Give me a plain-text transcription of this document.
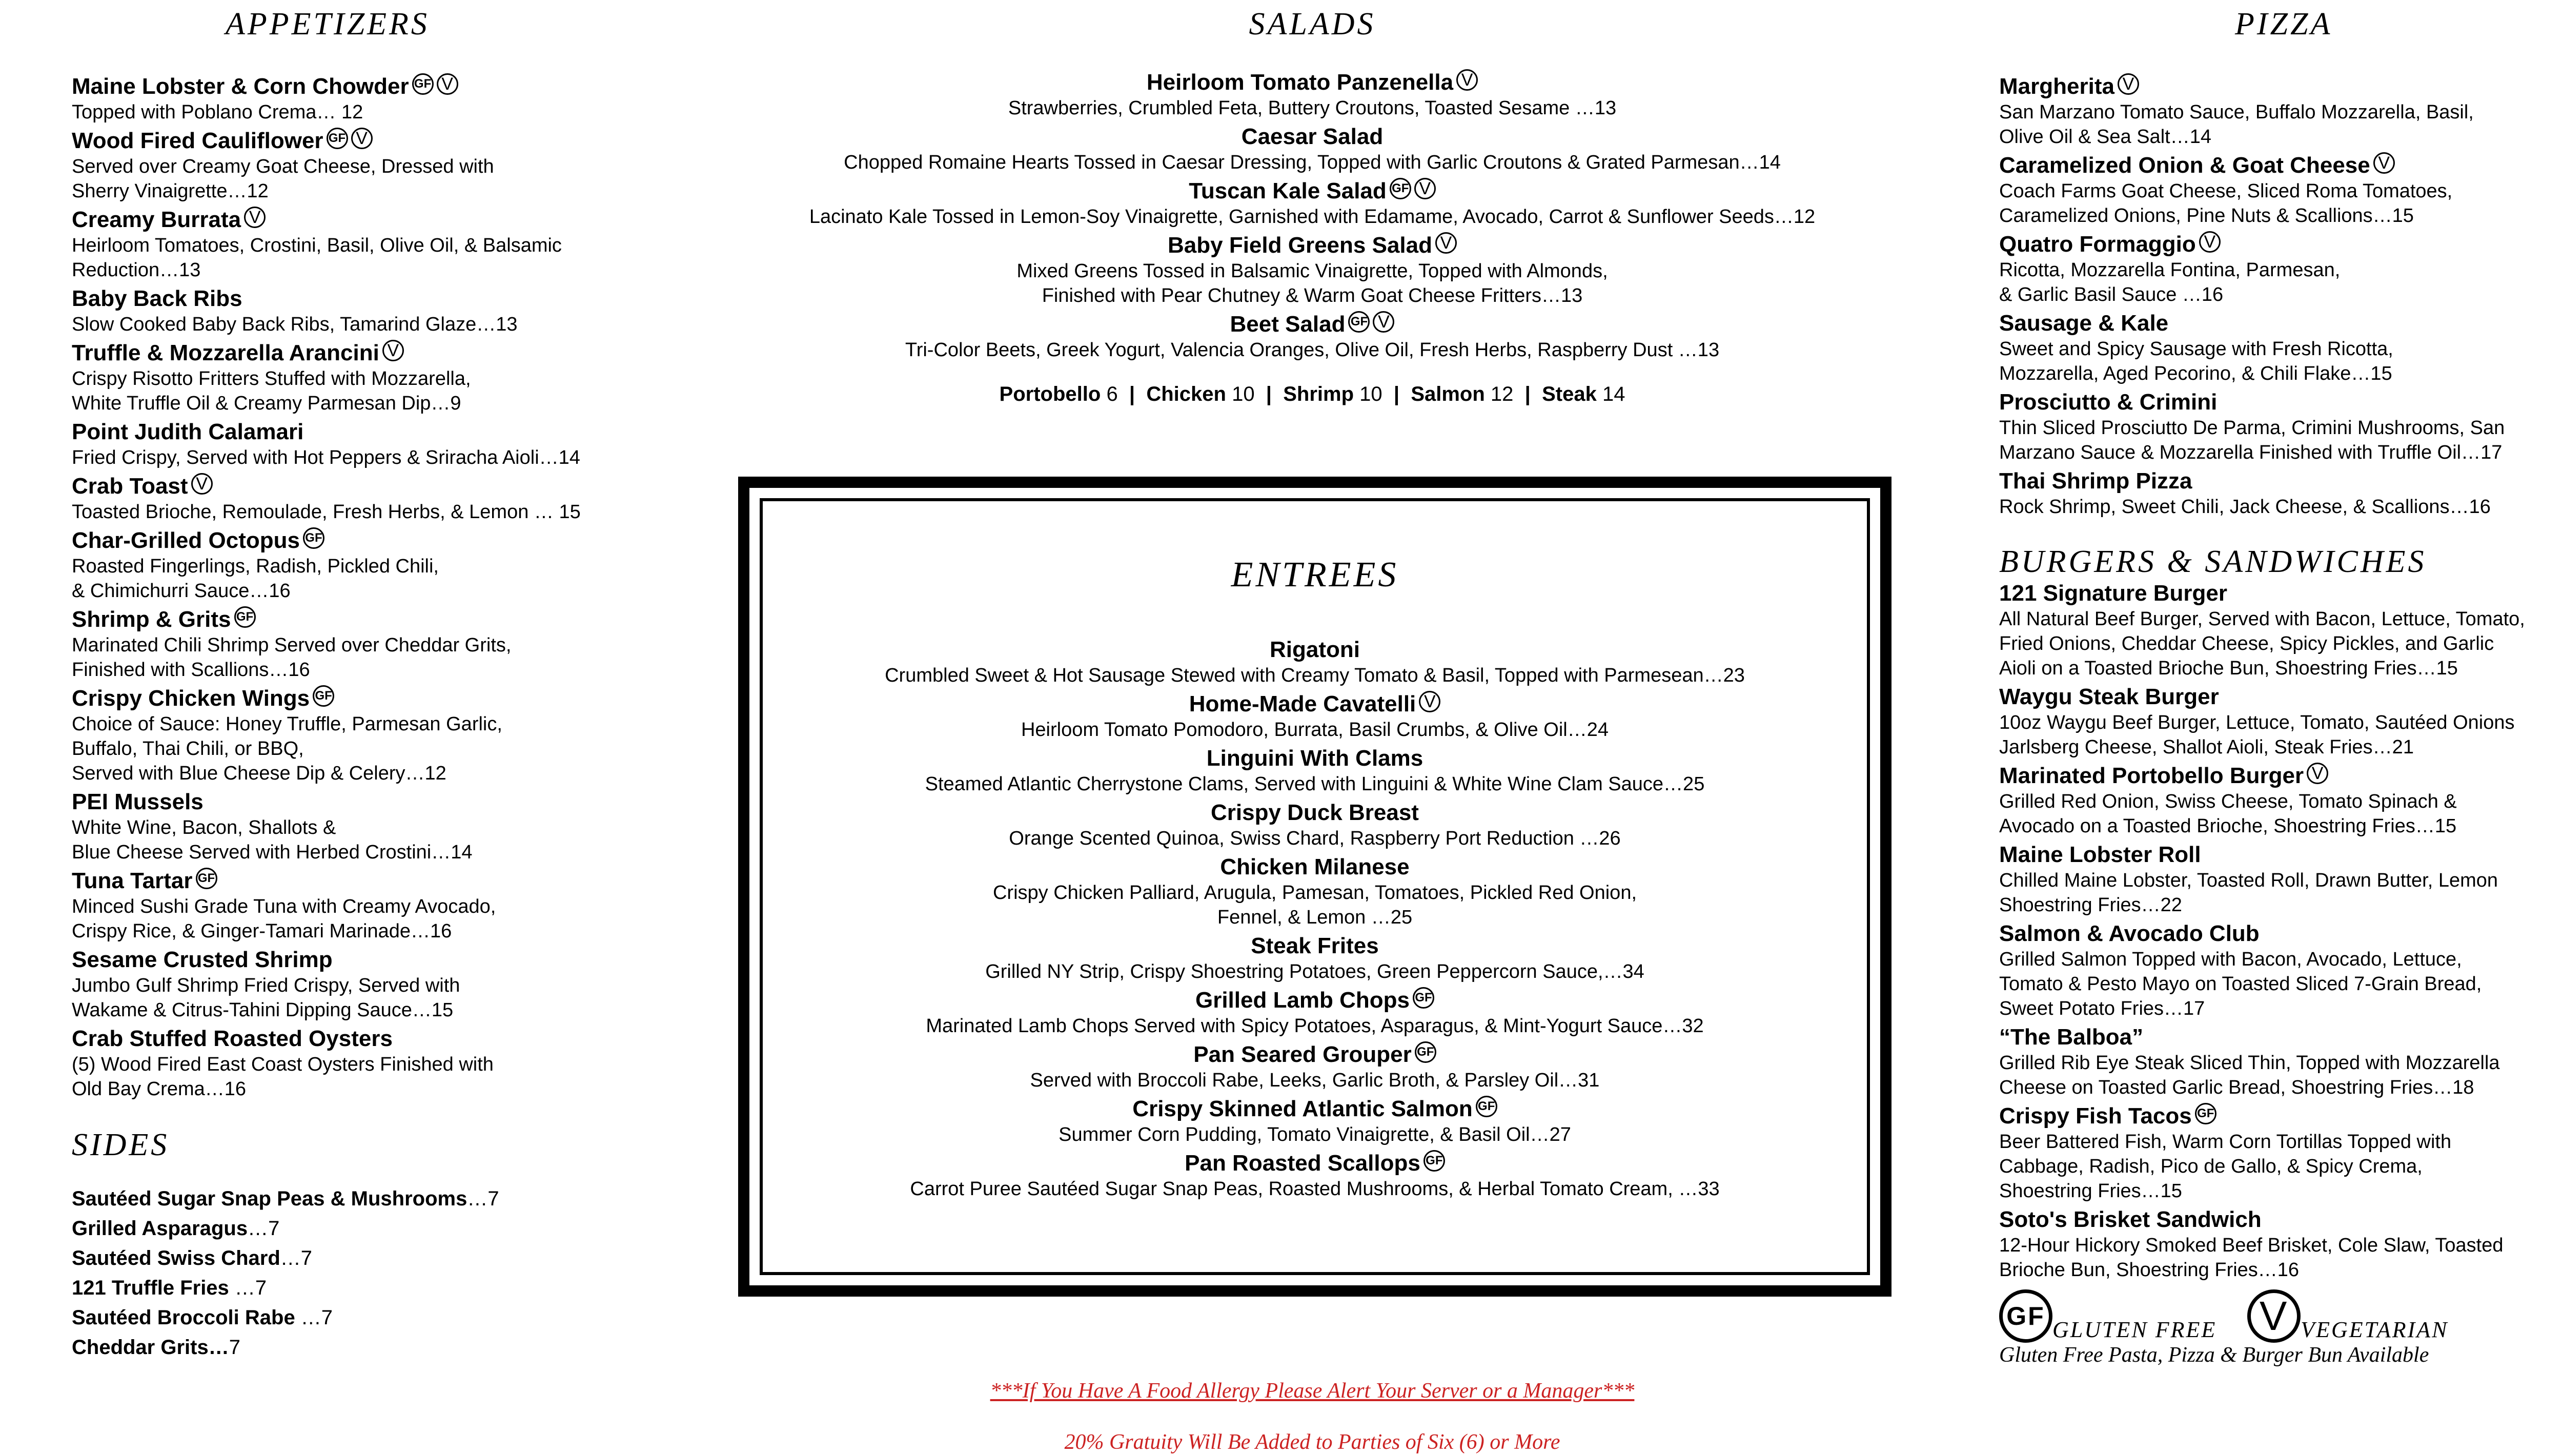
APPETIZERS

Maine Lobster & Corn Chowder GF V

Topped with Poblano Crema… 12

Wood Fired Cauliflower GF V

Served over Creamy Goat Cheese, Dressed with
Sherry Vinaigrette…12

Creamy Burrata V

Heirloom Tomatoes, Crostini, Basil, Olive Oil, & Balsamic
Reduction…13

Baby Back Ribs

Slow Cooked Baby Back Ribs, Tamarind Glaze…13

Truffle & Mozzarella Arancini V

Crispy Risotto Fritters Stuffed with Mozzarella,
White Truffle Oil & Creamy Parmesan Dip…9

Point Judith Calamari

Fried Crispy, Served with Hot Peppers & Sriracha Aioli…14

Crab Toast V

Toasted Brioche, Remoulade, Fresh Herbs, & Lemon … 15

Char-Grilled Octopus GF

Roasted Fingerlings, Radish, Pickled Chili,
& Chimichurri Sauce…16

Shrimp & Grits GF

Marinated Chili Shrimp Served over Cheddar Grits,
Finished with Scallions…16

Crispy Chicken Wings GF

Choice of Sauce: Honey Truffle, Parmesan Garlic,
Buffalo, Thai Chili, or BBQ,
Served with Blue Cheese Dip & Celery…12

PEI Mussels

White Wine, Bacon, Shallots &
Blue Cheese Served with Herbed Crostini…14

Tuna Tartar GF

Minced Sushi Grade Tuna with Creamy Avocado,
Crispy Rice, & Ginger-Tamari Marinade…16

Sesame Crusted Shrimp

Jumbo Gulf Shrimp Fried Crispy, Served with
Wakame & Citrus-Tahini Dipping Sauce…15

Crab Stuffed Roasted Oysters

(5) Wood Fired East Coast Oysters Finished with
Old Bay Crema…16

SIDES

Sautéed Sugar Snap Peas & Mushrooms…7

Grilled Asparagus…7

Sautéed Swiss Chard…7

121 Truffle Fries …7

Sautéed Broccoli Rabe …7

Cheddar Grits…7

SALADS

Heirloom Tomato Panzenella V

Strawberries, Crumbled Feta, Buttery Croutons, Toasted Sesame …13

Caesar Salad

Chopped Romaine Hearts Tossed in Caesar Dressing, Topped with Garlic Croutons & Grated Parmesan…14

Tuscan Kale Salad GF V

Lacinato Kale Tossed in Lemon-Soy Vinaigrette, Garnished with Edamame, Avocado, Carrot & Sunflower Seeds…12

Baby Field Greens Salad V

Mixed Greens Tossed in Balsamic Vinaigrette, Topped with Almonds,
Finished with Pear Chutney & Warm Goat Cheese Fritters…13

Beet Salad GF V

Tri-Color Beets, Greek Yogurt, Valencia Oranges, Olive Oil, Fresh Herbs, Raspberry Dust …13

Portobello 6  |  Chicken 10  |  Shrimp 10  |  Salmon 12  |  Steak 14
ENTREES

Rigatoni

Crumbled Sweet & Hot Sausage Stewed with Creamy Tomato & Basil, Topped with Parmesean…23

Home-Made Cavatelli V

Heirloom Tomato Pomodoro, Burrata, Basil Crumbs, & Olive Oil…24

Linguini With Clams

Steamed Atlantic Cherrystone Clams, Served with Linguini & White Wine Clam Sauce…25

Crispy Duck Breast

Orange Scented Quinoa, Swiss Chard, Raspberry Port Reduction …26

Chicken Milanese

Crispy Chicken Palliard, Arugula, Pamesan, Tomatoes, Pickled Red Onion,
Fennel, & Lemon …25

Steak Frites

Grilled NY Strip, Crispy Shoestring Potatoes, Green Peppercorn Sauce,…34

Grilled Lamb Chops GF

Marinated Lamb Chops Served with Spicy Potatoes, Asparagus, & Mint-Yogurt Sauce…32

Pan Seared Grouper GF

Served with Broccoli Rabe, Leeks, Garlic Broth, & Parsley Oil…31

Crispy Skinned Atlantic Salmon GF

Summer Corn Pudding, Tomato Vinaigrette, & Basil Oil…27

Pan Roasted Scallops GF

Carrot Puree Sautéed Sugar Snap Peas, Roasted Mushrooms, & Herbal Tomato Cream, …33

***If You Have A Food Allergy Please Alert Your Server or a Manager***
20% Gratuity Will Be Added to Parties of Six (6) or More
PIZZA

Margherita V

San Marzano Tomato Sauce, Buffalo Mozzarella, Basil,
Olive Oil & Sea Salt…14

Caramelized Onion & Goat Cheese V

Coach Farms Goat Cheese, Sliced Roma Tomatoes,
Caramelized Onions, Pine Nuts & Scallions…15

Quatro Formaggio V

Ricotta, Mozzarella Fontina, Parmesan,
& Garlic Basil Sauce …16

Sausage & Kale

Sweet and Spicy Sausage with Fresh Ricotta,
Mozzarella, Aged Pecorino, & Chili Flake…15

Prosciutto & Crimini

Thin Sliced Prosciutto De Parma, Crimini Mushrooms, San
Marzano Sauce & Mozzarella Finished with Truffle Oil…17

Thai Shrimp Pizza

Rock Shrimp, Sweet Chili, Jack Cheese, & Scallions…16

BURGERS & SANDWICHES

121 Signature Burger

All Natural Beef Burger, Served with Bacon, Lettuce, Tomato,
Fried Onions, Cheddar Cheese, Spicy Pickles, and Garlic
Aioli on a Toasted Brioche Bun, Shoestring Fries…15

Waygu Steak Burger

10oz Waygu Beef Burger, Lettuce, Tomato, Sautéed Onions
Jarlsberg Cheese, Shallot Aioli, Steak Fries…21

Marinated Portobello Burger V

Grilled Red Onion, Swiss Cheese, Tomato Spinach &
Avocado on a Toasted Brioche, Shoestring Fries…15

Maine Lobster Roll

Chilled Maine Lobster, Toasted Roll, Drawn Butter, Lemon
Shoestring Fries…22

Salmon & Avocado Club

Grilled Salmon Topped with Bacon, Avocado, Lettuce,
Tomato & Pesto Mayo on Toasted Sliced 7-Grain Bread,
Sweet Potato Fries…17

“The Balboa”

Grilled Rib Eye Steak Sliced Thin, Topped with Mozzarella
Cheese on Toasted Garlic Bread, Shoestring Fries…18

Crispy Fish Tacos GF

Beer Battered Fish, Warm Corn Tortillas Topped with
Cabbage, Radish, Pico de Gallo, & Spicy Crema,
Shoestring Fries…15

Soto's Brisket Sandwich

12-Hour Hickory Smoked Beef Brisket, Cole Slaw, Toasted
Brioche Bun, Shoestring Fries…16

GF GLUTEN FREE V VEGETARIAN
Gluten Free Pasta, Pizza & Burger Bun Available
